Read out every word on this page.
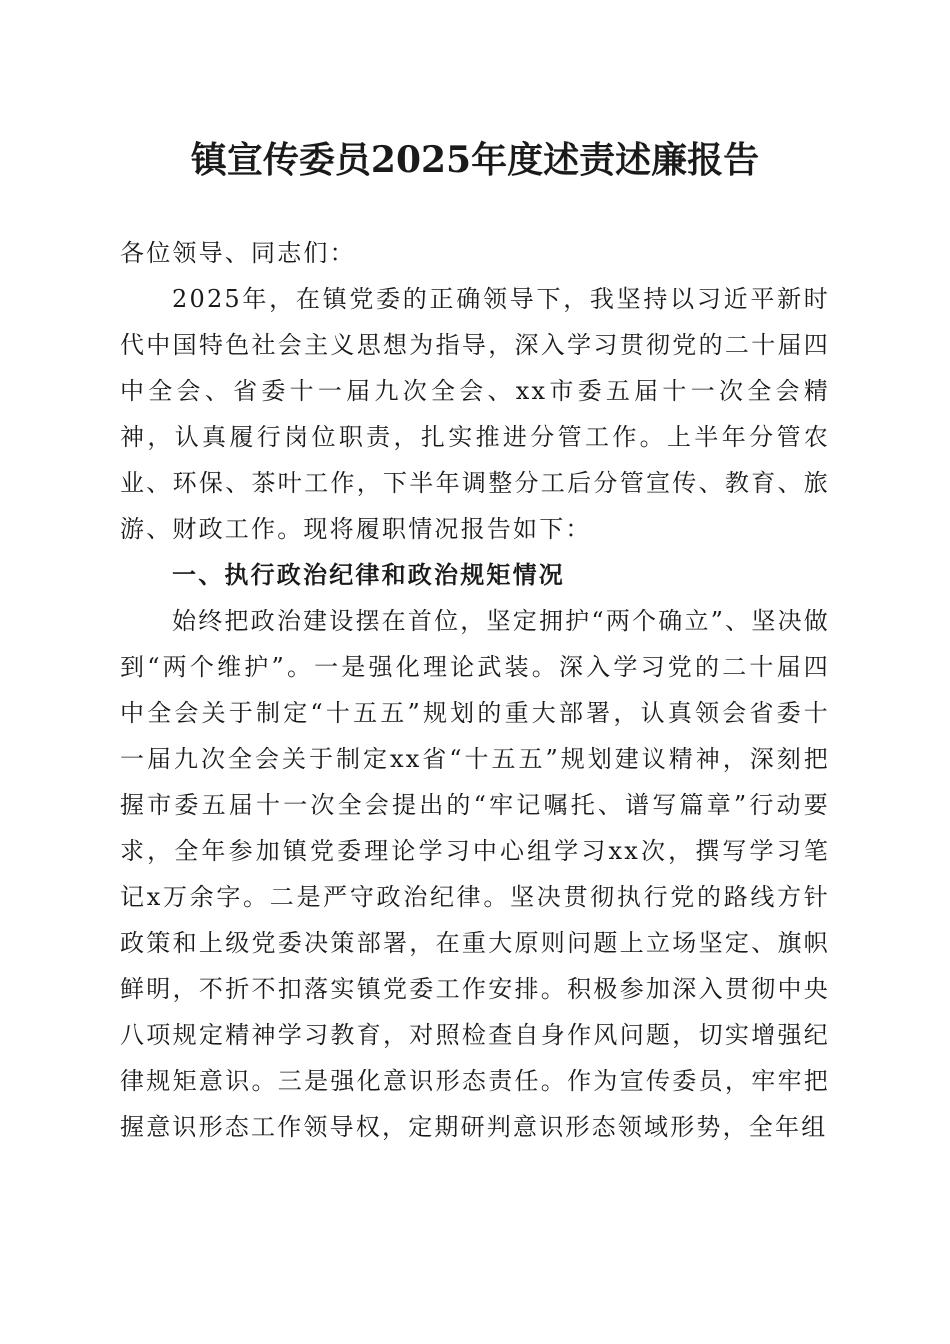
镇宣传委员2025年度述责述廉报告

各位领导、同志们：

2025年，在镇党委的正确领导下，我坚持以习近平新时代中国特色社会主义思想为指导，深入学习贯彻党的二十届四中全会、省委十一届九次全会、xx市委五届十一次全会精神，认真履行岗位职责，扎实推进分管工作。上半年分管农业、环保、茶叶工作，下半年调整分工后分管宣传、教育、旅游、财政工作。现将履职情况报告如下：

一、执行政治纪律和政治规矩情况

始终把政治建设摆在首位，坚定拥护“两个确立”、坚决做到“两个维护”。一是强化理论武装。深入学习党的二十届四中全会关于制定“十五五”规划的重大部署，认真领会省委十一届九次全会关于制定xx省“十五五”规划建议精神，深刻把握市委五届十一次全会提出的“牢记嘱托、谱写篇章”行动要求，全年参加镇党委理论学习中心组学习xx次，撰写学习笔记x万余字。二是严守政治纪律。坚决贯彻执行党的路线方针政策和上级党委决策部署，在重大原则问题上立场坚定、旗帜鲜明，不折不扣落实镇党委工作安排。积极参加深入贯彻中央八项规定精神学习教育，对照检查自身作风问题，切实增强纪律规矩意识。三是强化意识形态责任。作为宣传委员，牢牢把握意识形态工作领导权，定期研判意识形态领域形势，全年组
